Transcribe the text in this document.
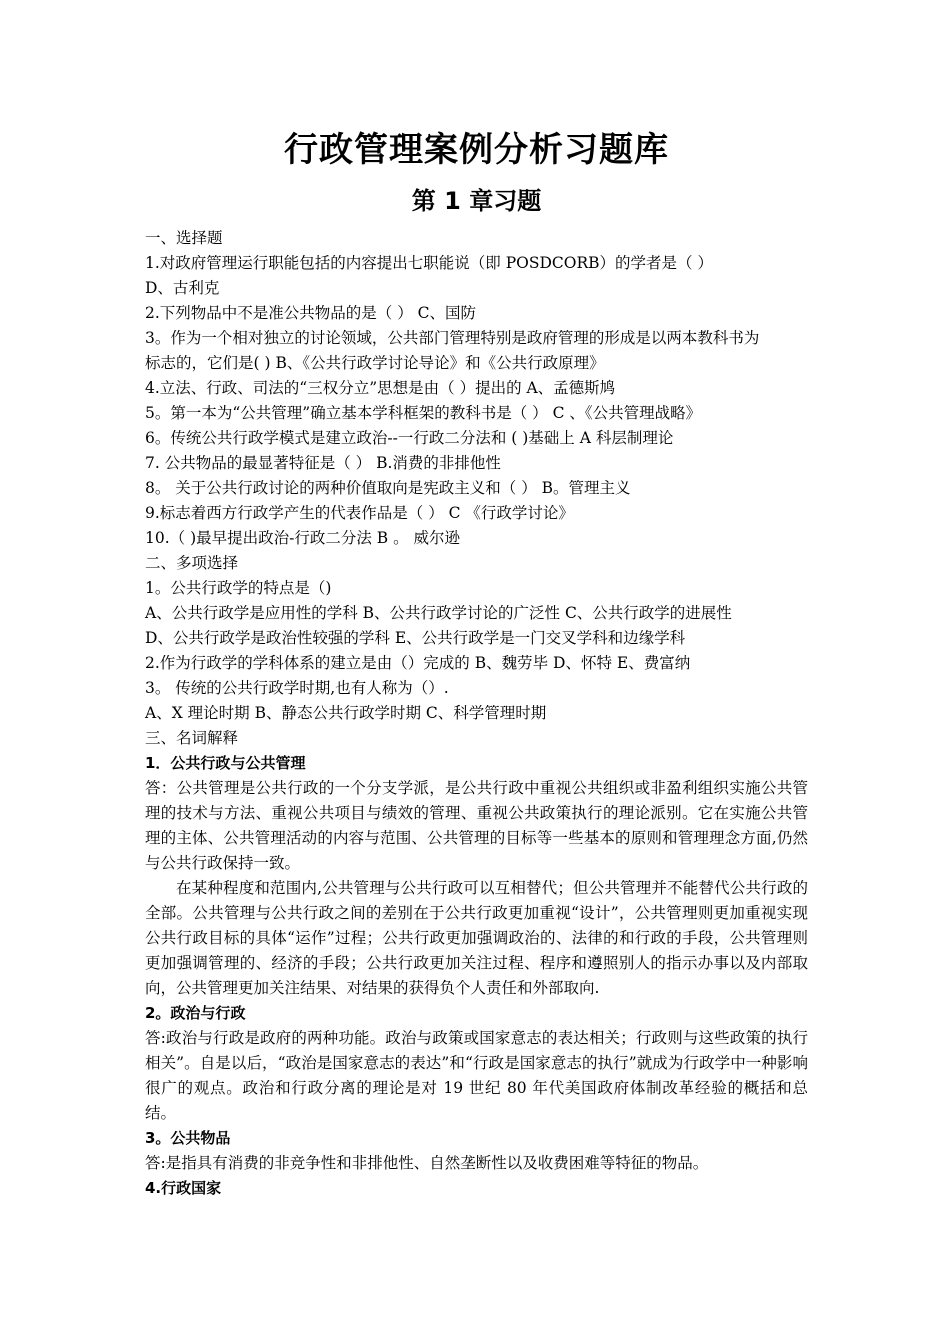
行政管理案例分析习题库
第 1 章习题
一、选择题
1.对政府管理运行职能包括的内容提出七职能说（即 POSDCORB）的学者是（ ）
D、古利克
2.下列物品中不是准公共物品的是（ ） C、国防
3。作为一个相对独立的讨论领域，公共部门管理特别是政府管理的形成是以两本教科书为
标志的，它们是( ) B、《公共行政学讨论导论》和《公共行政原理》
4.立法、行政、司法的“三权分立”思想是由（ ）提出的 A、孟德斯鸠
5。第一本为“公共管理”确立基本学科框架的教科书是（ ） C 、《公共管理战略》
6。传统公共行政学模式是建立政治--一行政二分法和 ( )基础上 A 科层制理论
7. 公共物品的最显著特征是（ ） B.消费的非排他性
8。 关于公共行政讨论的两种价值取向是宪政主义和（ ） B。管理主义
9.标志着西方行政学产生的代表作品是（ ） C 《行政学讨论》
10.（ )最早提出政治-行政二分法 B 。 威尔逊
二、多项选择
1。公共行政学的特点是（)
A、公共行政学是应用性的学科 B、公共行政学讨论的广泛性 C、公共行政学的进展性
D、公共行政学是政治性较强的学科 E、公共行政学是一门交叉学科和边缘学科
2.作为行政学的学科体系的建立是由（）完成的 B、魏劳毕 D、怀特 E、费富纳
3。 传统的公共行政学时期,也有人称为（）.
A、X 理论时期 B、静态公共行政学时期 C、科学管理时期
三、名词解释
1．公共行政与公共管理
答：公共管理是公共行政的一个分支学派，是公共行政中重视公共组织或非盈利组织实施公共管理的技术与方法、重视公共项目与绩效的管理、重视公共政策执行的理论派别。它在实施公共管理的主体、公共管理活动的内容与范围、公共管理的目标等一些基本的原则和管理理念方面,仍然与公共行政保持一致。
在某种程度和范围内,公共管理与公共行政可以互相替代；但公共管理并不能替代公共行政的全部。公共管理与公共行政之间的差别在于公共行政更加重视“设计”，公共管理则更加重视实现公共行政目标的具体“运作”过程；公共行政更加强调政治的、法律的和行政的手段，公共管理则更加强调管理的、经济的手段；公共行政更加关注过程、程序和遵照别人的指示办事以及内部取向，公共管理更加关注结果、对结果的获得负个人责任和外部取向.
2。政治与行政
答:政治与行政是政府的两种功能。政治与政策或国家意志的表达相关；行政则与这些政策的执行相关”。自是以后，“政治是国家意志的表达”和“行政是国家意志的执行”就成为行政学中一种影响很广的观点。政治和行政分离的理论是对 19 世纪 80 年代美国政府体制改革经验的概括和总结。
3。公共物品
答:是指具有消费的非竞争性和非排他性、自然垄断性以及收费困难等特征的物品。
4.行政国家
